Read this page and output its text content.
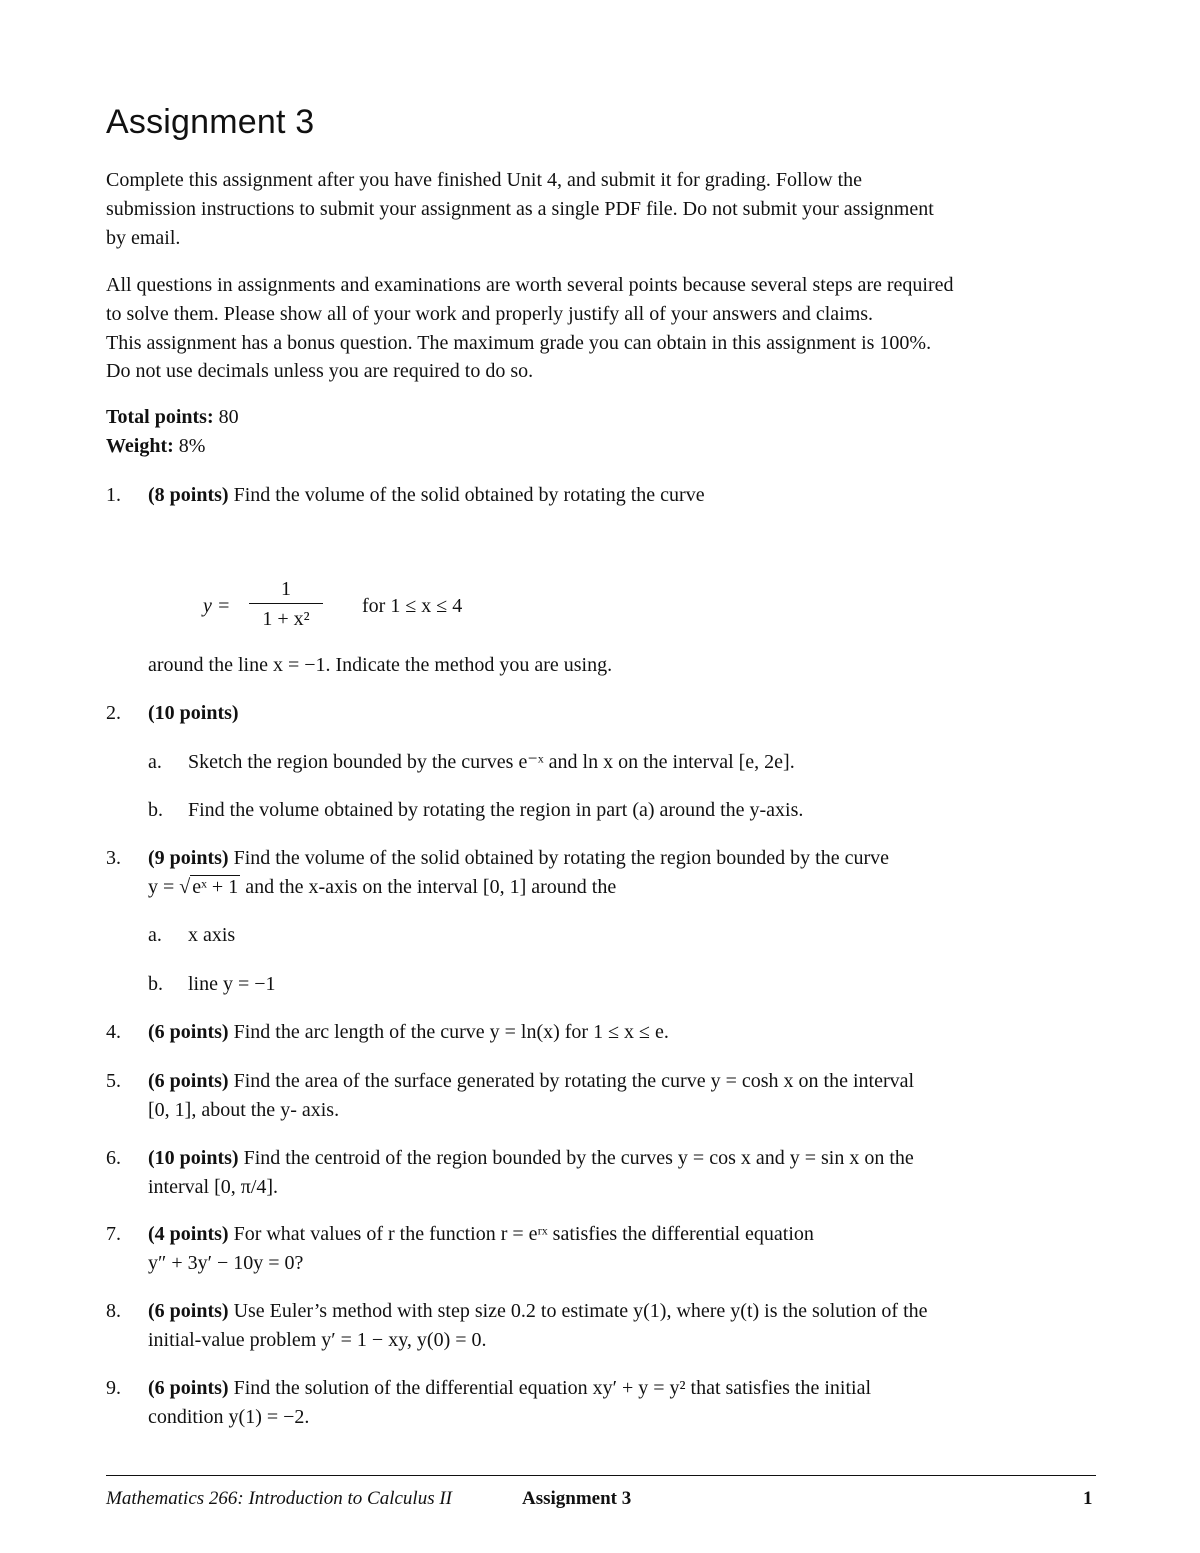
Assignment 3
Complete this assignment after you have finished Unit 4, and submit it for grading. Follow the
submission instructions to submit your assignment as a single PDF file. Do not submit your assignment
by email.
All questions in assignments and examinations are worth several points because several steps are required
to solve them. Please show all of your work and properly justify all of your answers and claims.
This assignment has a bonus question. The maximum grade you can obtain in this assignment is 100%.
Do not use decimals unless you are required to do so.
Total points: 80
Weight: 8%
1. (8 points) Find the volume of the solid obtained by rotating the curve
y =
1
1 + x²
for 1 ≤ x ≤ 4
around the line x = −1. Indicate the method you are using.
2. (10 points)
a. Sketch the region bounded by the curves e⁻ˣ and ln x on the interval [e, 2e].
b. Find the volume obtained by rotating the region in part (a) around the y-axis.
3. (9 points) Find the volume of the solid obtained by rotating the region bounded by the curve
y = √ eˣ + 1 and the x-axis on the interval [0, 1] around the
a. x axis
b. line y = −1
4. (6 points) Find the arc length of the curve y = ln(x) for 1 ≤ x ≤ e.
5. (6 points) Find the area of the surface generated by rotating the curve y = cosh x on the interval
[0, 1], about the y- axis.
6. (10 points) Find the centroid of the region bounded by the curves y = cos x and y = sin x on the
interval [0, π/4].
7. (4 points) For what values of r the function r = eʳˣ satisfies the differential equation
y″ + 3y′ − 10y = 0?
8. (6 points) Use Euler’s method with step size 0.2 to estimate y(1), where y(t) is the solution of the
initial-value problem y′ = 1 − xy, y(0) = 0.
9. (6 points) Find the solution of the differential equation xy′ + y = y² that satisfies the initial
condition y(1) = −2.
Mathematics 266: Introduction to Calculus II	Assignment 3	1
